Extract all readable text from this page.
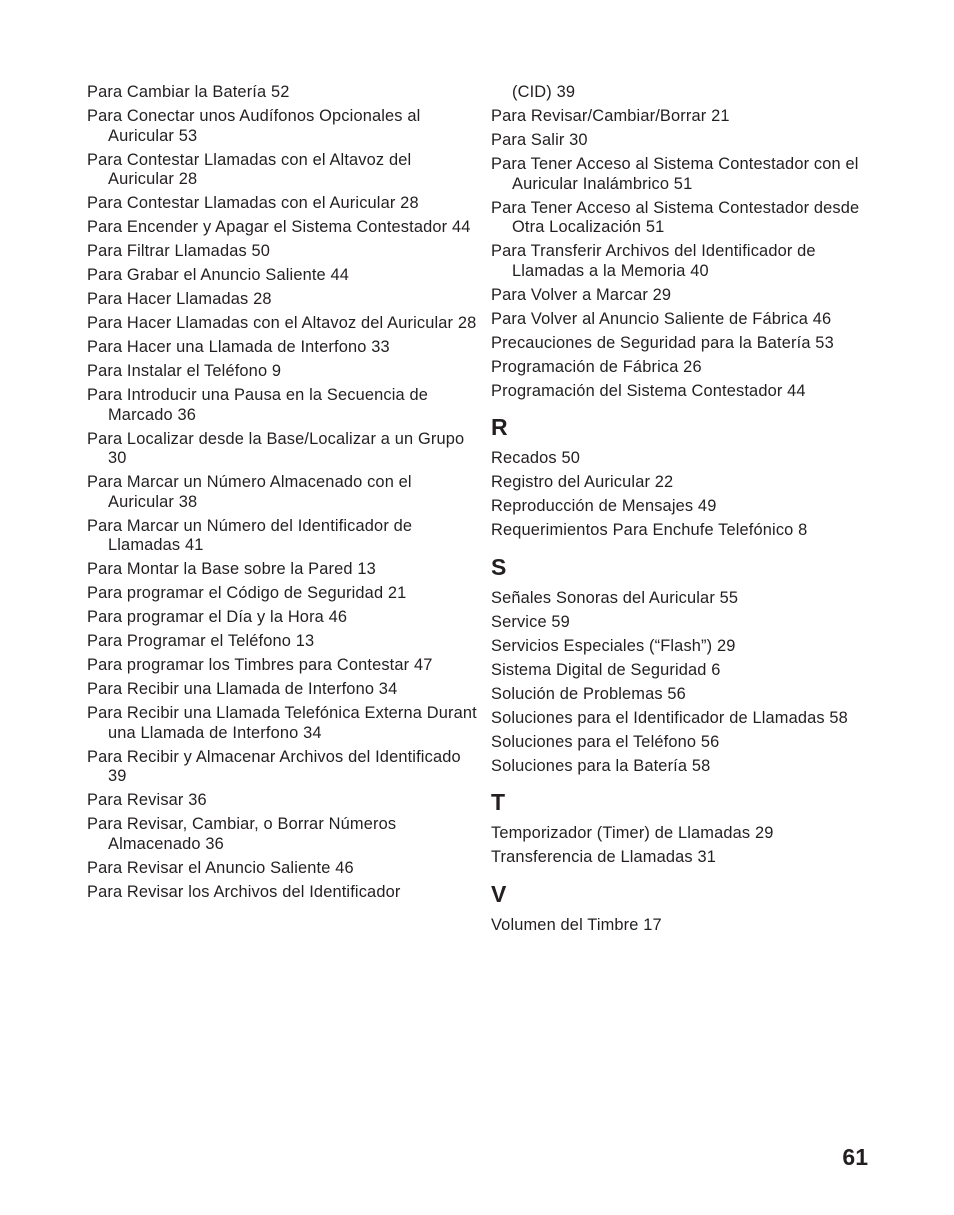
Para Cambiar la Batería 52
Para Conectar unos Audífonos Opcionales al Auricular 53
Para Contestar Llamadas con el Altavoz del Auricular 28
Para Contestar Llamadas con el Auricular 28
Para Encender y Apagar el Sistema Contestador 44
Para Filtrar Llamadas 50
Para Grabar el Anuncio Saliente 44
Para Hacer Llamadas 28
Para Hacer Llamadas con el Altavoz del Auricular 28
Para Hacer una Llamada de Interfono 33
Para Instalar el Teléfono 9
Para Introducir una Pausa en la Secuencia de Marcado 36
Para Localizar desde la Base/Localizar a un Grupo 30
Para Marcar un Número Almacenado con el Auricular 38
Para Marcar un Número del Identificador de Llamadas 41
Para Montar la Base sobre la Pared 13
Para programar el Código de Seguridad 21
Para programar el Día y la Hora 46
Para Programar el Teléfono 13
Para programar los Timbres para Contestar 47
Para Recibir una Llamada de Interfono 34
Para Recibir una Llamada Telefónica Externa Durant una Llamada de Interfono 34
Para Recibir y Almacenar Archivos del Identificado 39
Para Revisar 36
Para Revisar, Cambiar, o Borrar Números Almacenado 36
Para Revisar el Anuncio Saliente 46
Para Revisar los Archivos del Identificador
(CID) 39
Para Revisar/Cambiar/Borrar 21
Para Salir 30
Para Tener Acceso al Sistema Contestador con el Auricular Inalámbrico 51
Para Tener Acceso al Sistema Contestador desde Otra Localización 51
Para Transferir Archivos del Identificador de Llamadas a la Memoria 40
Para Volver a Marcar 29
Para Volver al Anuncio Saliente de Fábrica 46
Precauciones de Seguridad para la Batería 53
Programación de Fábrica 26
Programación del Sistema Contestador 44
R
Recados 50
Registro del Auricular 22
Reproducción de Mensajes 49
Requerimientos Para Enchufe Telefónico 8
S
Señales Sonoras del Auricular 55
Service 59
Servicios Especiales (“Flash”) 29
Sistema Digital de Seguridad 6
Solución de Problemas 56
Soluciones para el Identificador de Llamadas 58
Soluciones para el Teléfono 56
Soluciones para la Batería 58
T
Temporizador (Timer) de Llamadas 29
Transferencia de Llamadas 31
V
Volumen del Timbre 17
61
